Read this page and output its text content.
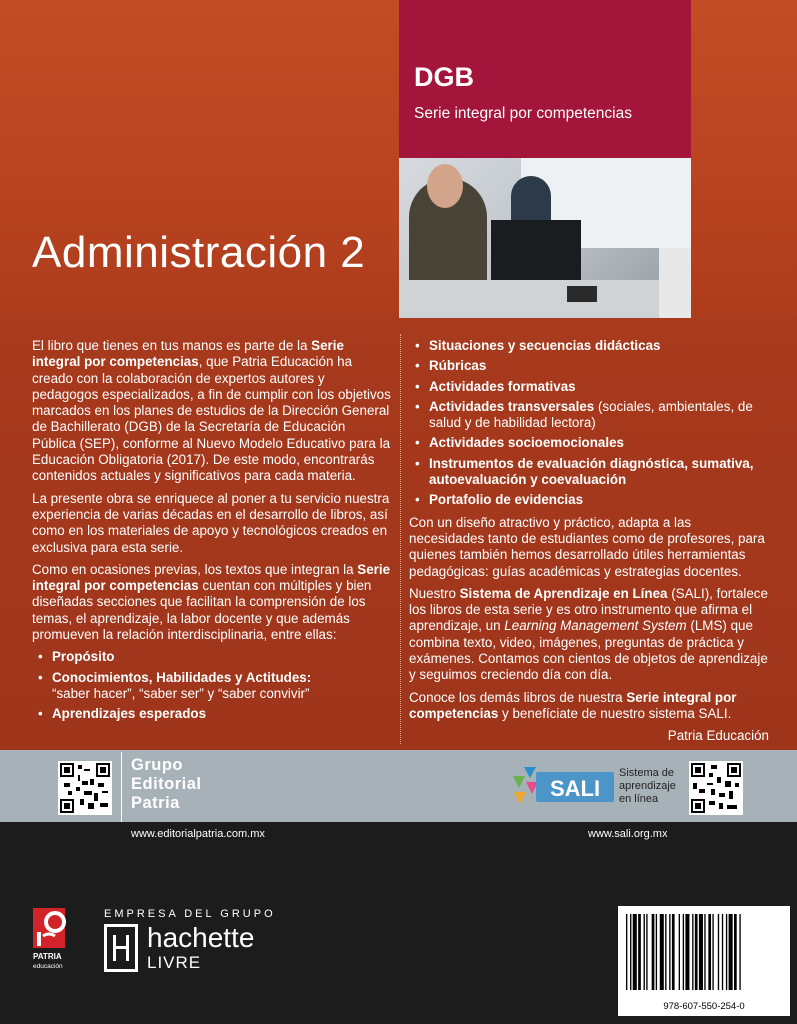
Administración 2
DGB
Serie integral por competencias

El libro que tienes en tus manos es parte de la Serie integral por competencias, que Patria Educación ha creado con la colaboración de expertos autores y pedagogos especializados, a fin de cumplir con los objetivos marcados en los planes de estudios de la Dirección General de Bachillerato (DGB) de la Secretaría de Educación Pública (SEP), conforme al Nuevo Modelo Educativo para la Educación Obligatoria (2017). De este modo, encontrarás contenidos actuales y significativos para cada materia.

La presente obra se enriquece al poner a tu servicio nuestra experiencia de varias décadas en el desarrollo de libros, así como en los materiales de apoyo y tecnológicos creados en exclusiva para esta serie.

Como en ocasiones previas, los textos que integran la Serie integral por competencias cuentan con múltiples y bien diseñadas secciones que facilitan la comprensión de los temas, el aprendizaje, la labor docente y que además promueven la relación interdisciplinaria, entre ellas:

• Propósito
• Conocimientos, Habilidades y Actitudes:
“saber hacer”, “saber ser” y “saber convivir”
• Aprendizajes esperados
• Situaciones y secuencias didácticas
• Rúbricas
• Actividades formativas
• Actividades transversales (sociales, ambientales, de salud y de habilidad lectora)
• Actividades socioemocionales
• Instrumentos de evaluación diagnóstica, sumativa, autoevaluación y coevaluación
• Portafolio de evidencias

Con un diseño atractivo y práctico, adapta a las necesidades tanto de estudiantes como de profesores, para quienes también hemos desarrollado útiles herramientas pedagógicas: guías académicas y estrategias docentes.

Nuestro Sistema de Aprendizaje en Línea (SALI), fortalece los libros de esta serie y es otro instrumento que afirma el aprendizaje, un Learning Management System (LMS) que combina texto, video, imágenes, preguntas de práctica y exámenes. Contamos con cientos de objetos de aprendizaje y seguimos creciendo día con día.

Conoce los demás libros de nuestra Serie integral por competencias y benefíciate de nuestro sistema SALI.

Patria Educación
Grupo
Editorial
Patria
SALI
Sistema de
aprendizaje
en línea
www.editorialpatria.com.mx	www.sali.org.mx
PATRIA
educación
EMPRESA DEL GRUPO
hachette
LIVRE
978-607-550-254-0
